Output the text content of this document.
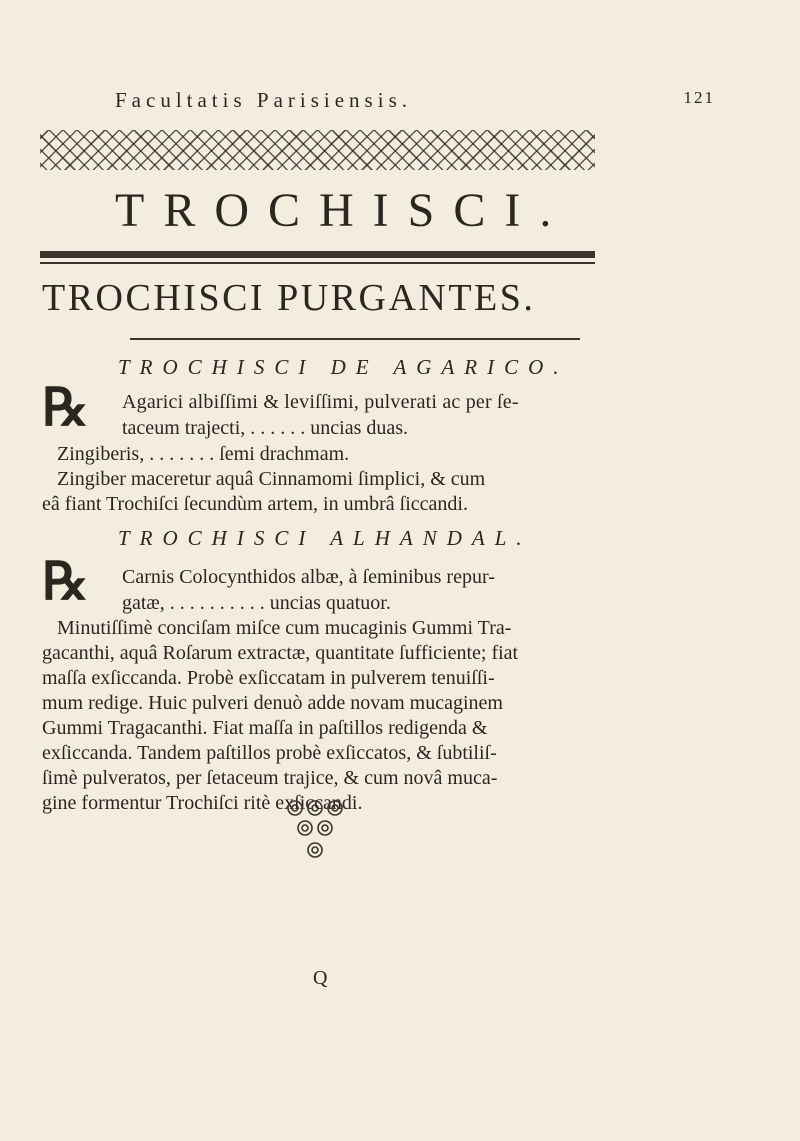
Facultatis Parisiensis.	121
TROCHISCI.
TROCHISCI PURGANTES.
TROCHISCI DE AGARICO.
℞ Agarici albiſſimi & leviſſimi, pulverati ac per ſe-
taceum trajecti, . . . . . . uncias duas.
Zingiberis, . . . . . . . ſemi drachmam.
Zingiber maceretur aquâ Cinnamomi ſimplici, & cum
eâ fiant Trochiſci ſecundùm artem, in umbrâ ſiccandi.
TROCHISCI ALHANDAL.
℞ Carnis Colocynthidos albæ, à ſeminibus repur-
gatæ, . . . . . . . . . . uncias quatuor.
Minutiſſimè conciſam miſce cum mucaginis Gummi Tra-
gacanthi, aquâ Roſarum extractæ, quantitate ſufficiente; fiat
maſſa exſiccanda. Probè exſiccatam in pulverem tenuiſſi-
mum redige. Huic pulveri denuò adde novam mucaginem
Gummi Tragacanthi. Fiat maſſa in paſtillos redigenda &
exſiccanda. Tandem paſtillos probè exſiccatos, & ſubtiliſ-
ſimè pulveratos, per ſetaceum trajice, & cum novâ muca-
gine formentur Trochiſci ritè exſiccandi.
Q
